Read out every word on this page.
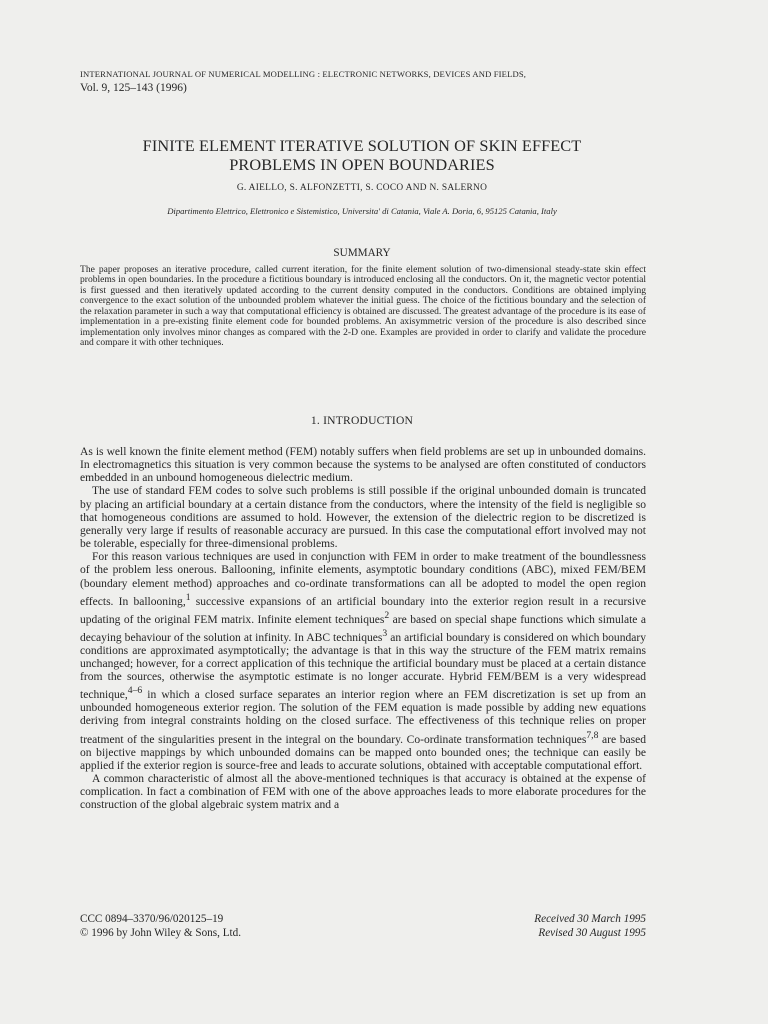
INTERNATIONAL JOURNAL OF NUMERICAL MODELLING : ELECTRONIC NETWORKS, DEVICES AND FIELDS,
Vol. 9, 125–143 (1996)
FINITE ELEMENT ITERATIVE SOLUTION OF SKIN EFFECT
PROBLEMS IN OPEN BOUNDARIES
G. AIELLO, S. ALFONZETTI, S. COCO AND N. SALERNO
Dipartimento Elettrico, Elettronico e Sistemistico, Universita' di Catania, Viale A. Doria, 6, 95125 Catania, Italy
SUMMARY

The paper proposes an iterative procedure, called current iteration, for the finite element solution of two-dimensional steady-state skin effect problems in open boundaries. In the procedure a fictitious boundary is introduced enclosing all the conductors. On it, the magnetic vector potential is first guessed and then iteratively updated according to the current density computed in the conductors. Conditions are obtained implying convergence to the exact solution of the unbounded problem whatever the initial guess. The choice of the fictitious boundary and the selection of the relaxation parameter in such a way that computational efficiency is obtained are discussed. The greatest advantage of the procedure is its ease of implementation in a pre-existing finite element code for bounded problems. An axisymmetric version of the procedure is also described since implementation only involves minor changes as compared with the 2-D one. Examples are provided in order to clarify and validate the procedure and compare it with other techniques.

1. INTRODUCTION

As is well known the finite element method (FEM) notably suffers when field problems are set up in unbounded domains. In electromagnetics this situation is very common because the systems to be analysed are often constituted of conductors embedded in an unbound homogeneous dielectric medium.

The use of standard FEM codes to solve such problems is still possible if the original unbounded domain is truncated by placing an artificial boundary at a certain distance from the conductors, where the intensity of the field is negligible so that homogeneous conditions are assumed to hold. However, the extension of the dielectric region to be discretized is generally very large if results of reasonable accuracy are pursued. In this case the computational effort involved may not be tolerable, especially for three-dimensional problems.

For this reason various techniques are used in conjunction with FEM in order to make treatment of the boundlessness of the problem less onerous. Ballooning, infinite elements, asymptotic boundary conditions (ABC), mixed FEM/BEM (boundary element method) approaches and co-ordinate transformations can all be adopted to model the open region effects. In ballooning,$^1$ successive expansions of an artificial boundary into the exterior region result in a recursive updating of the original FEM matrix. Infinite element techniques$^2$ are based on special shape functions which simulate a decaying behaviour of the solution at infinity. In ABC techniques$^3$ an artificial boundary is considered on which boundary conditions are approximated asymptotically; the advantage is that in this way the structure of the FEM matrix remains unchanged; however, for a correct application of this technique the artificial boundary must be placed at a certain distance from the sources, otherwise the asymptotic estimate is no longer accurate. Hybrid FEM/BEM is a very widespread technique,$^{4-6}$ in which a closed surface separates an interior region where an FEM discretization is set up from an unbounded homogeneous exterior region. The solution of the FEM equation is made possible by adding new equations deriving from integral constraints holding on the closed surface. The effectiveness of this technique relies on proper treatment of the singularities present in the integral on the boundary. Co-ordinate transformation techniques$^{7,8}$ are based on bijective mappings by which unbounded domains can be mapped onto bounded ones; the technique can easily be applied if the exterior region is source-free and leads to accurate solutions, obtained with acceptable computational effort.

A common characteristic of almost all the above-mentioned techniques is that accuracy is obtained at the expense of complication. In fact a combination of FEM with one of the above approaches leads to more elaborate procedures for the construction of the global algebraic system matrix and a

CCC 0894–3370/96/020125–19
© 1996 by John Wiley & Sons, Ltd.
Received 30 March 1995
Revised 30 August 1995
